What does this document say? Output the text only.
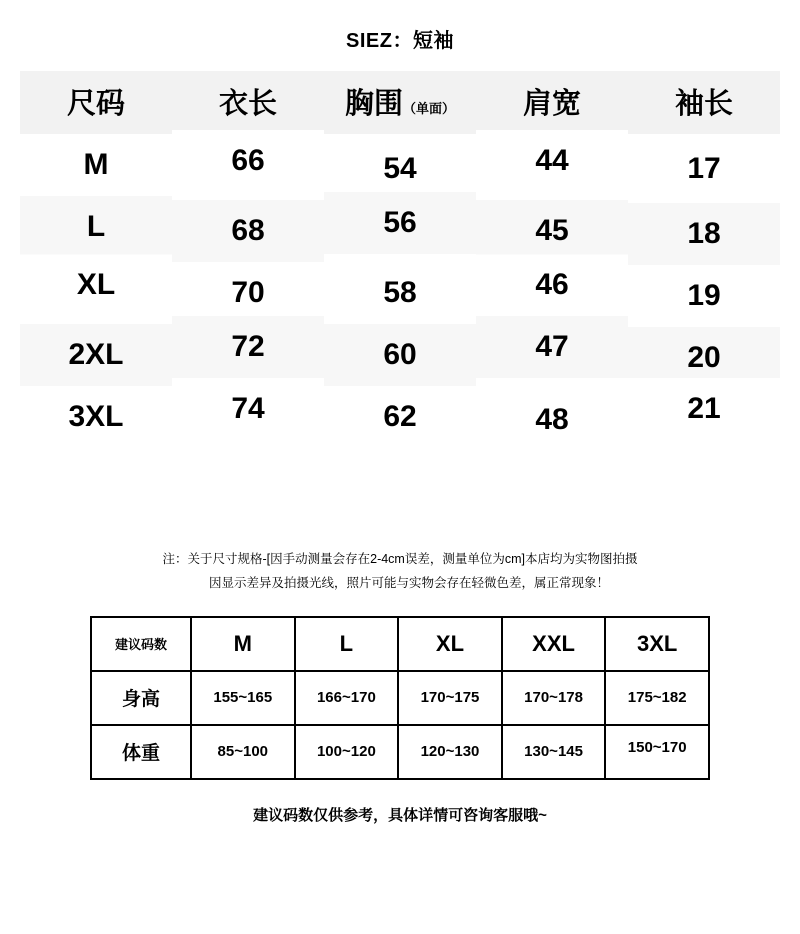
SIEZ：短袖
尺码	衣长	胸围（单面）	肩宽	袖长
M	66	54	44	17
L	68	56	45	18
XL	70	58	46	19
2XL	72	60	47	20
3XL	74	62	48	21
注：关于尺寸规格-[因手动测量会存在2-4cm误差，测量单位为cm]本店均为实物图拍摄
因显示差异及拍摄光线，照片可能与实物会存在轻微色差，属正常现象！
建议码数	M	L	XL	XXL	3XL
身高	155~165	166~170	170~175	170~178	175~182
体重	85~100	100~120	120~130	130~145	150~170
建议码数仅供参考，具体详情可咨询客服哦~
